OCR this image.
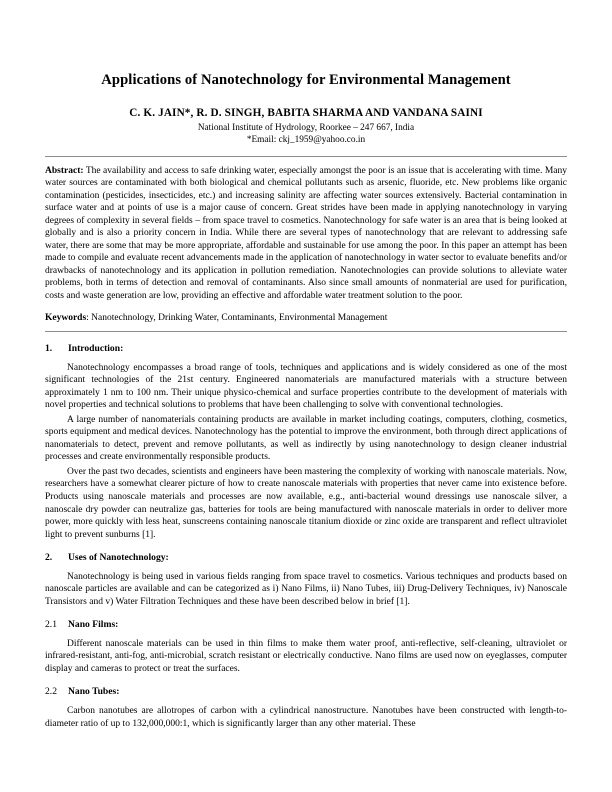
Applications of Nanotechnology for Environmental Management
C. K. JAIN*, R. D. SINGH, BABITA SHARMA AND VANDANA SAINI
National Institute of Hydrology, Roorkee – 247 667, India
*Email: ckj_1959@yahoo.co.in

Abstract: The availability and access to safe drinking water, especially amongst the poor is an issue that is accelerating with time. Many water sources are contaminated with both biological and chemical pollutants such as arsenic, fluoride, etc. New problems like organic contamination (pesticides, insecticides, etc.) and increasing salinity are affecting water sources extensively. Bacterial contamination in surface water and at points of use is a major cause of concern. Great strides have been made in applying nanotechnology in varying degrees of complexity in several fields – from space travel to cosmetics. Nanotechnology for safe water is an area that is being looked at globally and is also a priority concern in India. While there are several types of nanotechnology that are relevant to addressing safe water, there are some that may be more appropriate, affordable and sustainable for use among the poor. In this paper an attempt has been made to compile and evaluate recent advancements made in the application of nanotechnology in water sector to evaluate benefits and/or drawbacks of nanotechnology and its application in pollution remediation. Nanotechnologies can provide solutions to alleviate water problems, both in terms of detection and removal of contaminants. Also since small amounts of nonmaterial are used for purification, costs and waste generation are low, providing an effective and affordable water treatment solution to the poor.

Keywords: Nanotechnology, Drinking Water, Contaminants, Environmental Management

1.	Introduction:

Nanotechnology encompasses a broad range of tools, techniques and applications and is widely considered as one of the most significant technologies of the 21st century. Engineered nanomaterials are manufactured materials with a structure between approximately 1 nm to 100 nm. Their unique physico-chemical and surface properties contribute to the development of materials with novel properties and technical solutions to problems that have been challenging to solve with conventional technologies.

A large number of nanomaterials containing products are available in market including coatings, computers, clothing, cosmetics, sports equipment and medical devices. Nanotechnology has the potential to improve the environment, both through direct applications of nanomaterials to detect, prevent and remove pollutants, as well as indirectly by using nanotechnology to design cleaner industrial processes and create environmentally responsible products.

Over the past two decades, scientists and engineers have been mastering the complexity of working with nanoscale materials. Now, researchers have a somewhat clearer picture of how to create nanoscale materials with properties that never came into existence before. Products using nanoscale materials and processes are now available, e.g., anti-bacterial wound dressings use nanoscale silver, a nanoscale dry powder can neutralize gas, batteries for tools are being manufactured with nanoscale materials in order to deliver more power, more quickly with less heat, sunscreens containing nanoscale titanium dioxide or zinc oxide are transparent and reflect ultraviolet light to prevent sunburns [1].

2.	Uses of Nanotechnology:

Nanotechnology is being used in various fields ranging from space travel to cosmetics. Various techniques and products based on nanoscale particles are available and can be categorized as i) Nano Films, ii) Nano Tubes, iii) Drug-Delivery Techniques, iv) Nanoscale Transistors and v) Water Filtration Techniques and these have been described below in brief [1].

2.1	Nano Films:

Different nanoscale materials can be used in thin films to make them water proof, anti-reflective, self-cleaning, ultraviolet or infrared-resistant, anti-fog, anti-microbial, scratch resistant or electrically conductive. Nano films are used now on eyeglasses, computer display and cameras to protect or treat the surfaces.

2.2	Nano Tubes:

Carbon nanotubes are allotropes of carbon with a cylindrical nanostructure. Nanotubes have been constructed with length-to-diameter ratio of up to 132,000,000:1, which is significantly larger than any other material. These
